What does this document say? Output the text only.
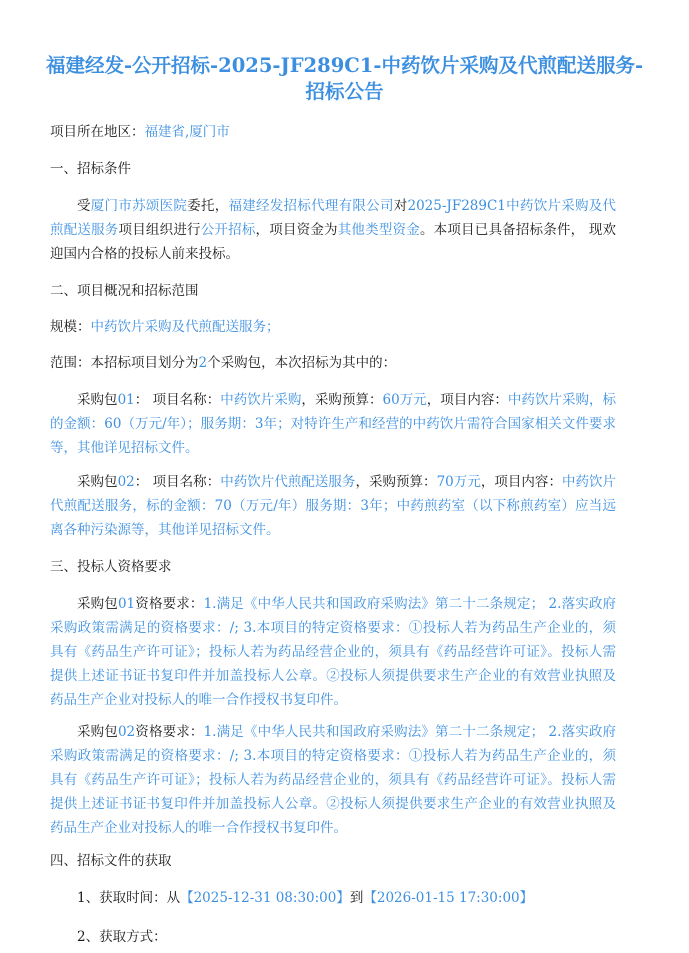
福建经发-公开招标-2025-JF289C1-中药饮片采购及代煎配送服务-招标公告
项目所在地区：福建省,厦门市
一、招标条件
受厦门市苏颂医院委托，福建经发招标代理有限公司对2025-JF289C1中药饮片采购及代煎配送服务项目组织进行公开招标，项目资金为其他类型资金。本项目已具备招标条件， 现欢迎国内合格的投标人前来投标。
二、项目概况和招标范围
规模：中药饮片采购及代煎配送服务；
范围：本招标项目划分为2个采购包，本次招标为其中的：
采购包01： 项目名称：中药饮片采购，采购预算：60万元，项目内容：中药饮片采购，标的金额：60（万元/年）；服务期：3年；对特许生产和经营的中药饮片需符合国家相关文件要求等，其他详见招标文件。
采购包02： 项目名称：中药饮片代煎配送服务，采购预算：70万元，项目内容：中药饮片代煎配送服务，标的金额：70（万元/年）服务期：3年；中药煎药室（以下称煎药室）应当远离各种污染源等，其他详见招标文件。
三、投标人资格要求
采购包01资格要求：1.满足《中华人民共和国政府采购法》第二十二条规定； 2.落实政府采购政策需满足的资格要求：/; 3.本项目的特定资格要求：①投标人若为药品生产企业的，须具有《药品生产许可证》；投标人若为药品经营企业的，须具有《药品经营许可证》。投标人需提供上述证书证书复印件并加盖投标人公章。②投标人须提供要求生产企业的有效营业执照及药品生产企业对投标人的唯一合作授权书复印件。
采购包02资格要求：1.满足《中华人民共和国政府采购法》第二十二条规定； 2.落实政府采购政策需满足的资格要求：/; 3.本项目的特定资格要求：①投标人若为药品生产企业的，须具有《药品生产许可证》；投标人若为药品经营企业的，须具有《药品经营许可证》。投标人需提供上述证书证书复印件并加盖投标人公章。②投标人须提供要求生产企业的有效营业执照及药品生产企业对投标人的唯一合作授权书复印件。
四、招标文件的获取
1、获取时间：从【2025-12-31 08:30:00】到【2026-01-15 17:30:00】
2、获取方式：
